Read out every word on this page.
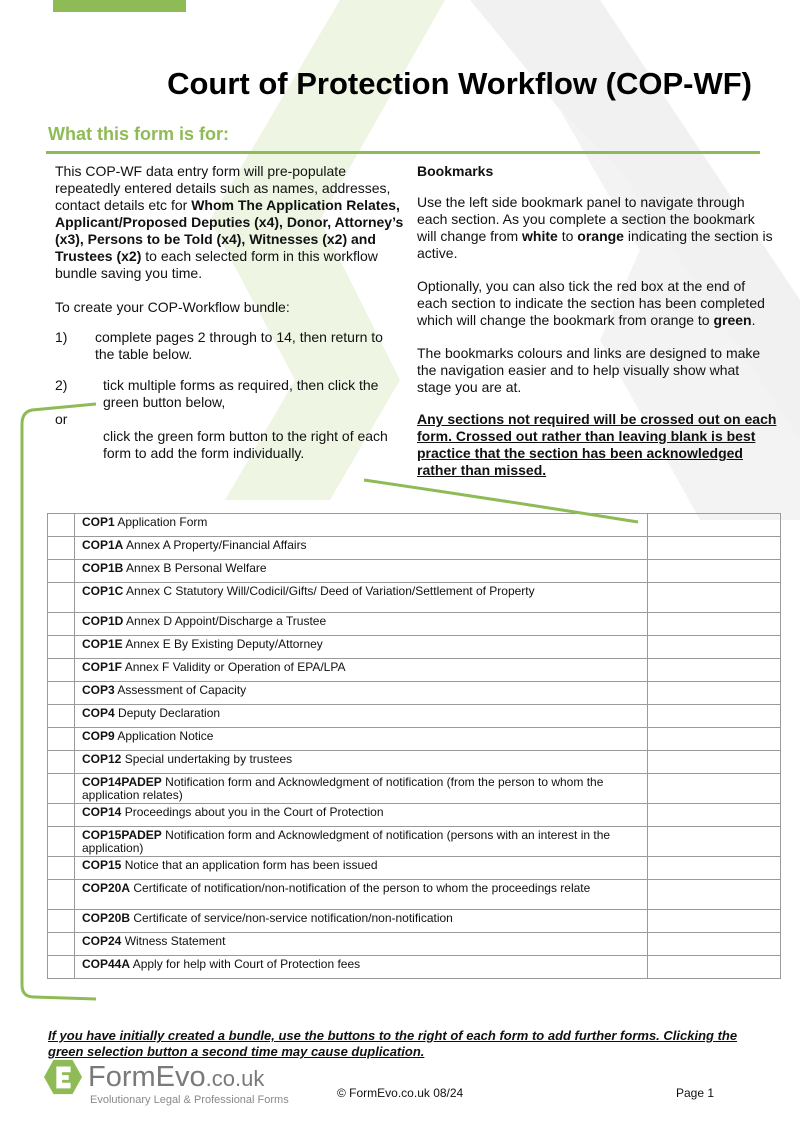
Court of Protection Workflow (COP-WF)
What this form is for:

This COP-WF data entry form will pre-populate repeatedly entered details such as names, addresses, contact details etc for Whom The Application Relates, Applicant/Proposed Deputies (x4), Donor, Attorney’s (x3), Persons to be Told (x4), Witnesses (x2) and Trustees (x2) to each selected form in this workflow bundle saving you time.

To create your COP-Workflow bundle:

1) complete pages 2 through to 14, then return to the table below.
2)	tick multiple forms as required, then click the green button below,

or

click the green form button to the right of each form to add the form individually.

Bookmarks

Use the left side bookmark panel to navigate through each section. As you complete a section the bookmark will change from white to orange indicating the section is active.

Optionally, you can also tick the red box at the end of each section to indicate the section has been completed which will change the bookmark from orange to green.

The bookmarks colours and links are designed to make the navigation easier and to help visually show what stage you are at.

Any sections not required will be crossed out on each form. Crossed out rather than leaving blank is best practice that the section has been acknowledged rather than missed.

	COP1 Application Form	
	COP1A Annex A Property/Financial Affairs	
	COP1B Annex B Personal Welfare	
	COP1C Annex C Statutory Will/Codicil/Gifts/ Deed of Variation/Settlement of Property	
	COP1D Annex D Appoint/Discharge a Trustee	
	COP1E Annex E By Existing Deputy/Attorney	
	COP1F Annex F Validity or Operation of EPA/LPA	
	COP3 Assessment of Capacity	
	COP4 Deputy Declaration	
	COP9 Application Notice	
	COP12 Special undertaking by trustees	
	COP14PADEP Notification form and Acknowledgment of notification (from the person to whom the application relates)	
	COP14 Proceedings about you in the Court of Protection	
	COP15PADEP Notification form and Acknowledgment of notification (persons with an interest in the application)	
	COP15 Notice that an application form has been issued	
	COP20A Certificate of notification/non-notification of the person to whom the proceedings relate	
	COP20B Certificate of service/non-service notification/non-notification	
	COP24 Witness Statement	
	COP44A Apply for help with Court of Protection fees	

If you have initially created a bundle, use the buttons to the right of each form to add further forms. Clicking the green selection button a second time may cause duplication.

FormEvo.co.uk
Evolutionary Legal & Professional Forms	© FormEvo.co.uk 08/24	Page 1
